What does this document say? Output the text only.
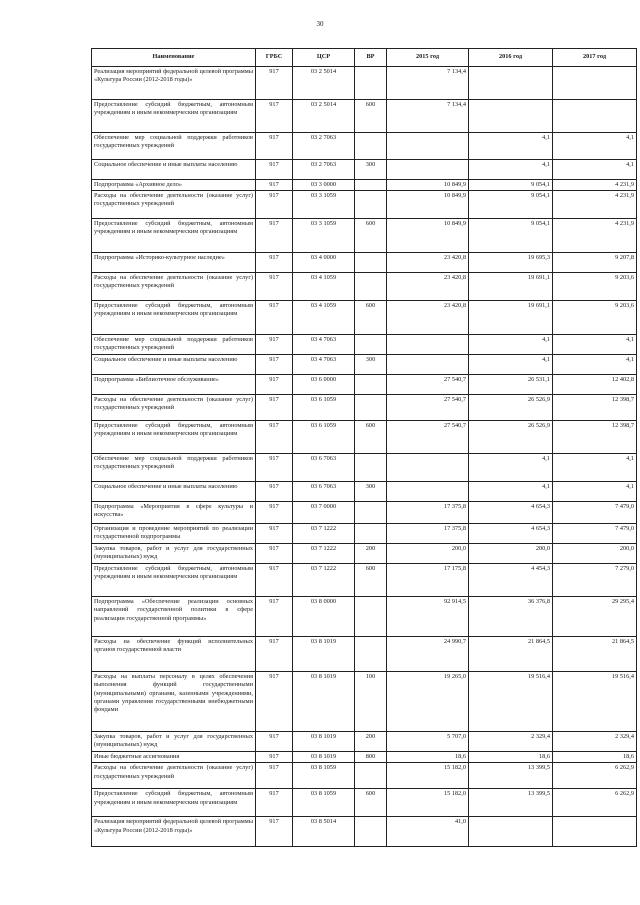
30
Наименование	ГРБС	ЦСР	ВР	2015 год	2016 год	2017 год
Реализация мероприятий федеральной целевой программы «Культура России (2012-2018 годы)»	917	03 2 5014		7 134,4		
Предоставление субсидий бюджетным, автономным учреждениям и иным некоммерческим организациям	917	03 2 5014	600	7 134,4		
Обеспечение мер социальной поддержки работников государственных учреждений	917	03 2 7063			4,1	4,1
Социальное обеспечение и иные выплаты населению	917	03 2 7063	300		4,1	4,1
Подпрограмма «Архивное дело»	917	03 3 0000		10 849,9	9 054,1	4 231,9
Расходы на обеспечение деятельности (оказание услуг) государственных учреждений	917	03 3 1059		10 849,9	9 054,1	4 231,9
Предоставление субсидий бюджетным, автономным учреждениям и иным некоммерческим организациям	917	03 3 1059	600	10 849,9	9 054,1	4 231,9
Подпрограмма «Историко-культурное наследие»	917	03 4 0000		23 420,8	19 695,3	9 207,8
Расходы на обеспечение деятельности (оказание услуг) государственных учреждений	917	03 4 1059		23 420,8	19 691,1	9 203,6
Предоставление субсидий бюджетным, автономным учреждениям и иным некоммерческим организациям	917	03 4 1059	600	23 420,8	19 691,1	9 203,6
Обеспечение мер социальной поддержки работников государственных учреждений	917	03 4 7063			4,1	4,1
Социальное обеспечение и иные выплаты населению	917	03 4 7063	300		4,1	4,1
Подпрограмма «Библиотечное обслуживание»	917	03 6 0000		27 540,7	26 531,1	12 402,8
Расходы на обеспечение деятельности (оказание услуг) государственных учреждений	917	03 6 1059		27 540,7	26 526,9	12 398,7
Предоставление субсидий бюджетным, автономным учреждениям и иным некоммерческим организациям	917	03 6 1059	600	27 540,7	26 526,9	12 398,7
Обеспечение мер социальной поддержки работников государственных учреждений	917	03 6 7063			4,1	4,1
Социальное обеспечение и иные выплаты населению	917	03 6 7063	300		4,1	4,1
Подпрограмма «Мероприятия в сфере культуры и искусства»	917	03 7 0000		17 375,8	4 654,3	7 479,0
Организация и проведение мероприятий по реализации государственной подпрограммы	917	03 7 1222		17 375,8	4 654,3	7 479,0
Закупка товаров, работ и услуг для государственных (муниципальных) нужд	917	03 7 1222	200	200,0	200,0	200,0
Предоставление субсидий бюджетным, автономным учреждениям и иным некоммерческим организациям	917	03 7 1222	600	17 175,8	4 454,3	7 279,0
Подпрограмма «Обеспечение реализации основных направлений государственной политики в сфере реализации государственной программы»	917	03 8 0000		92 914,5	36 376,8	29 295,4
Расходы на обеспечение функций исполнительных органов государственной власти	917	03 8 1019		24 990,7	21 864,5	21 864,5
Расходы на выплаты персоналу в целях обеспечения выполнения функций государственными (муниципальными) органами, казенными учреждениями, органами управления государственными внебюджетными фондами	917	03 8 1019	100	19 265,0	19 516,4	19 516,4
Закупка товаров, работ и услуг для государственных (муниципальных) нужд	917	03 8 1019	200	5 707,0	2 329,4	2 329,4
Иные бюджетные ассигнования	917	03 8 1019	800	18,6	18,6	18,6
Расходы на обеспечение деятельности (оказание услуг) государственных учреждений	917	03 8 1059		15 182,0	13 399,5	6 262,9
Предоставление субсидий бюджетным, автономным учреждениям и иным некоммерческим организациям	917	03 8 1059	600	15 182,0	13 399,5	6 262,9
Реализация мероприятий федеральной целевой программы «Культура России (2012-2018 годы)»	917	03 8 5014		41,0		
